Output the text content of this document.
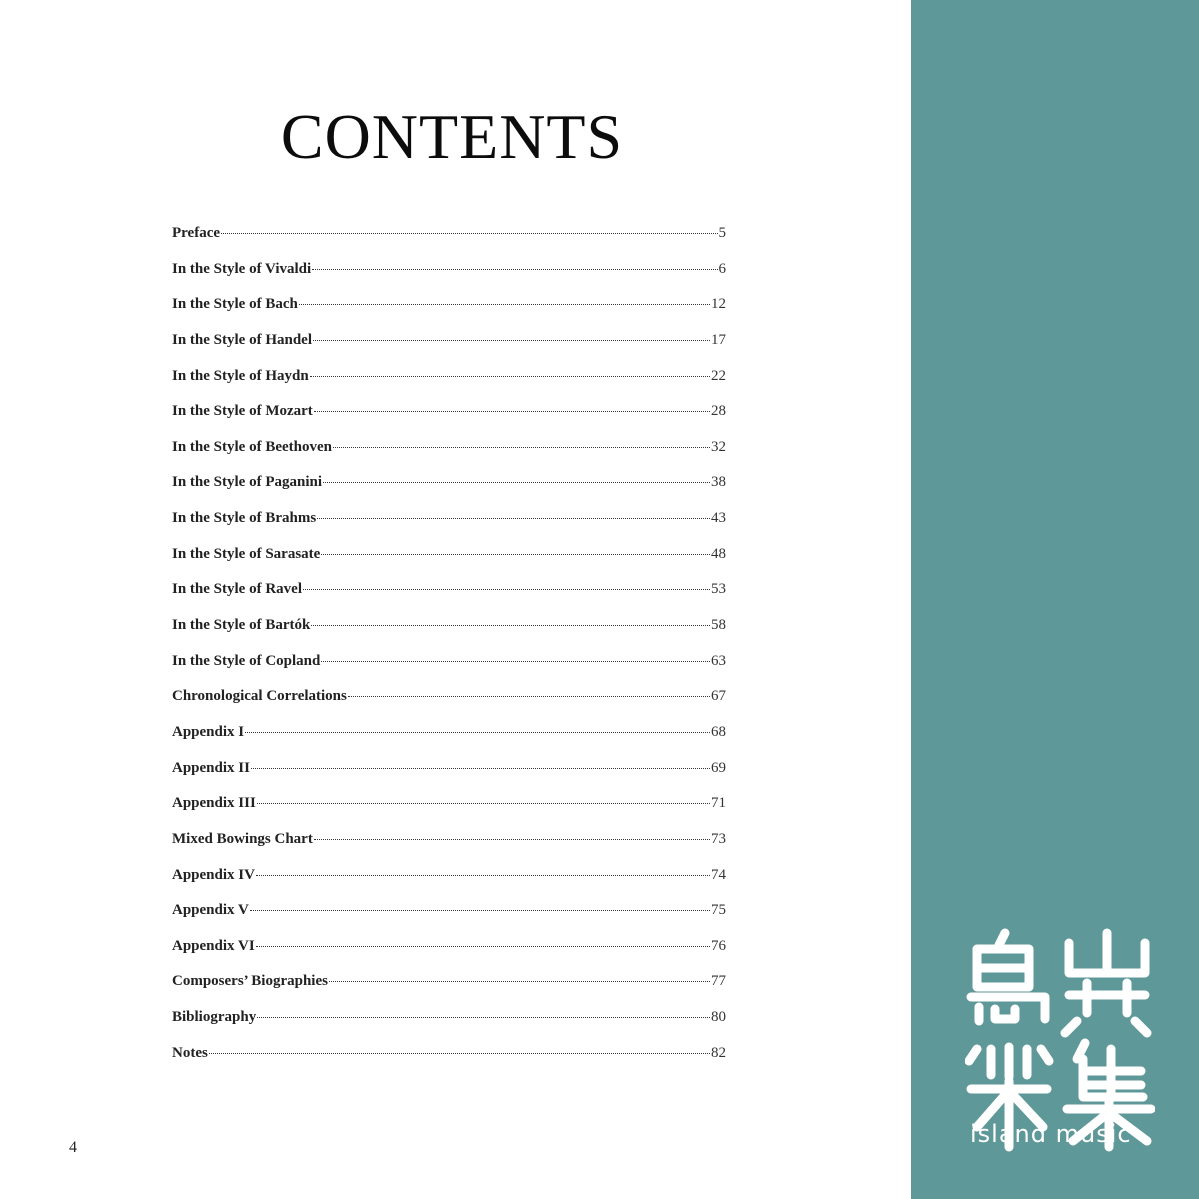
CONTENTS
Preface	5
In the Style of Vivaldi	6
In the Style of Bach	12
In the Style of Handel	17
In the Style of Haydn	22
In the Style of Mozart	28
In the Style of Beethoven	32
In the Style of Paganini	38
In the Style of Brahms	43
In the Style of Sarasate	48
In the Style of Ravel	53
In the Style of Bartók	58
In the Style of Copland	63
Chronological Correlations	67
Appendix I	68
Appendix II	69
Appendix III	71
Mixed Bowings Chart	73
Appendix IV	74
Appendix V	75
Appendix VI	76
Composers’ Biographies	77
Bibliography	80
Notes	82
4	island music
